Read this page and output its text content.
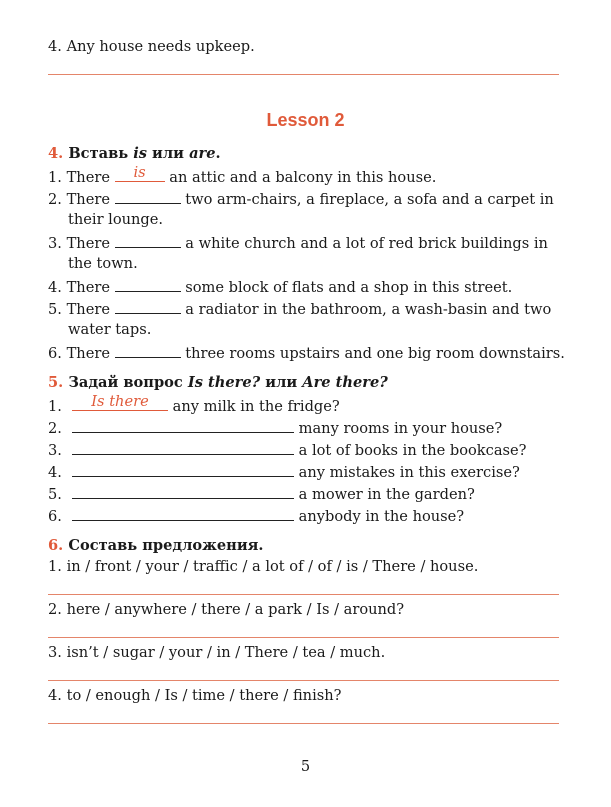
4. Any house needs upkeep.
Lesson 2
4. Вставь is или are.
1. There	is	an attic and a balcony in this house.
2. There	two arm-chairs, a fireplace, a sofa and a carpet in
their lounge.
3. There	a white church and a lot of red brick buildings in
the town.
4. There	some block of flats and a shop in this street.
5. There	a radiator in the bathroom, a wash-basin and two
water taps.
6. There	three rooms upstairs and one big room downstairs.
5. Задай вопрос Is there? или Are there?
1.	Is there	any milk in the fridge?
2.	many rooms in your house?
3.	a lot of books in the bookcase?
4.	any mistakes in this exercise?
5.	a mower in the garden?
6.	anybody in the house?
6. Составь предложения.
1. in / front / your / traffic / a lot of / of / is / There / house.
2. here / anywhere / there / a park / Is / around?
3. isn’t / sugar / your / in / There / tea / much.
4. to / enough / Is / time / there / finish?
5
